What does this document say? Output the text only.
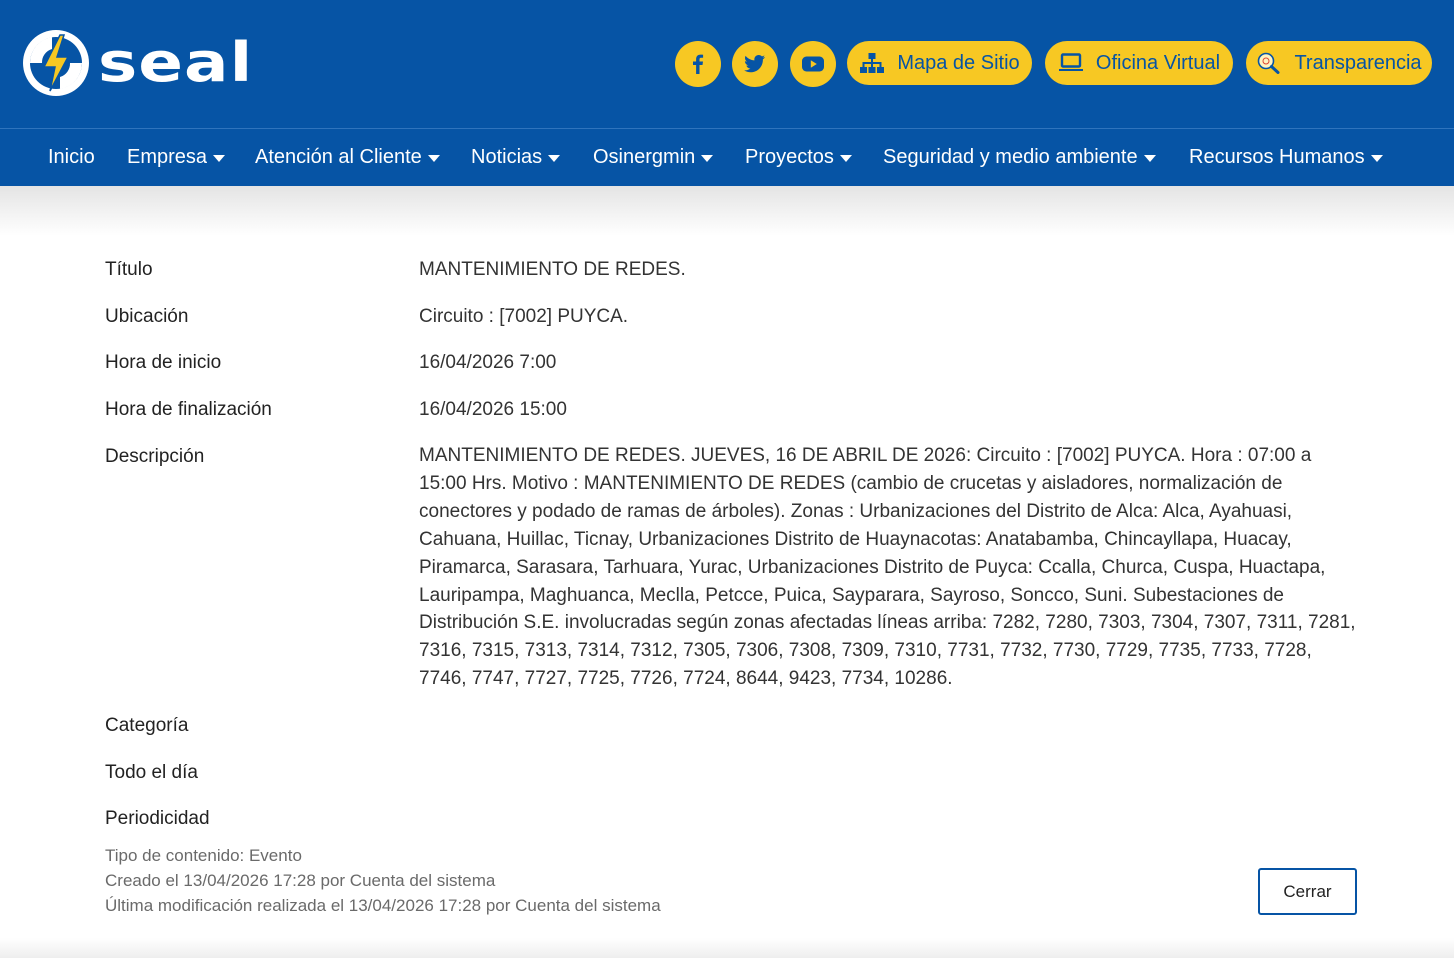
seal	Mapa de Sitio	Oficina Virtual	Transparencia
Inicio Empresa Atención al Cliente Noticias	Osinergmin Proyectos Seguridad y medio ambiente	Recursos Humanos
Título	MANTENIMIENTO DE REDES.
Ubicación	Circuito : [7002] PUYCA.
Hora de inicio	16/04/2026 7:00
Hora de finalización	16/04/2026 15:00
Descripción	MANTENIMIENTO DE REDES. JUEVES, 16 DE ABRIL DE 2026: Circuito : [7002] PUYCA. Hora : 07:00 a 15:00 Hrs. Motivo : MANTENIMIENTO DE REDES (cambio de crucetas y aisladores, normalización de conectores y podado de ramas de árboles). Zonas : Urbanizaciones del Distrito de Alca: Alca, Ayahuasi, Cahuana, Huillac, Ticnay, Urbanizaciones Distrito de Huaynacotas: Anatabamba, Chincayllapa, Huacay, Piramarca, Sarasara, Tarhuara, Yurac, Urbanizaciones Distrito de Puyca: Ccalla, Churca, Cuspa, Huactapa, Lauripampa, Maghuanca, Meclla, Petcce, Puica, Sayparara, Sayroso, Soncco, Suni. Subestaciones de Distribución S.E. involucradas según zonas afectadas líneas arriba: 7282, 7280, 7303, 7304, 7307, 7311, 7281, 7316, 7315, 7313, 7314, 7312, 7305, 7306, 7308, 7309, 7310, 7731, 7732, 7730, 7729, 7735, 7733, 7728, 7746, 7747, 7727, 7725, 7726, 7724, 8644, 9423, 7734, 10286.
Categoría
Todo el día
Periodicidad
Tipo de contenido: Evento
Creado el 13/04/2026 17:28 por Cuenta del sistema
Última modificación realizada el 13/04/2026 17:28 por Cuenta del sistema
Cerrar
